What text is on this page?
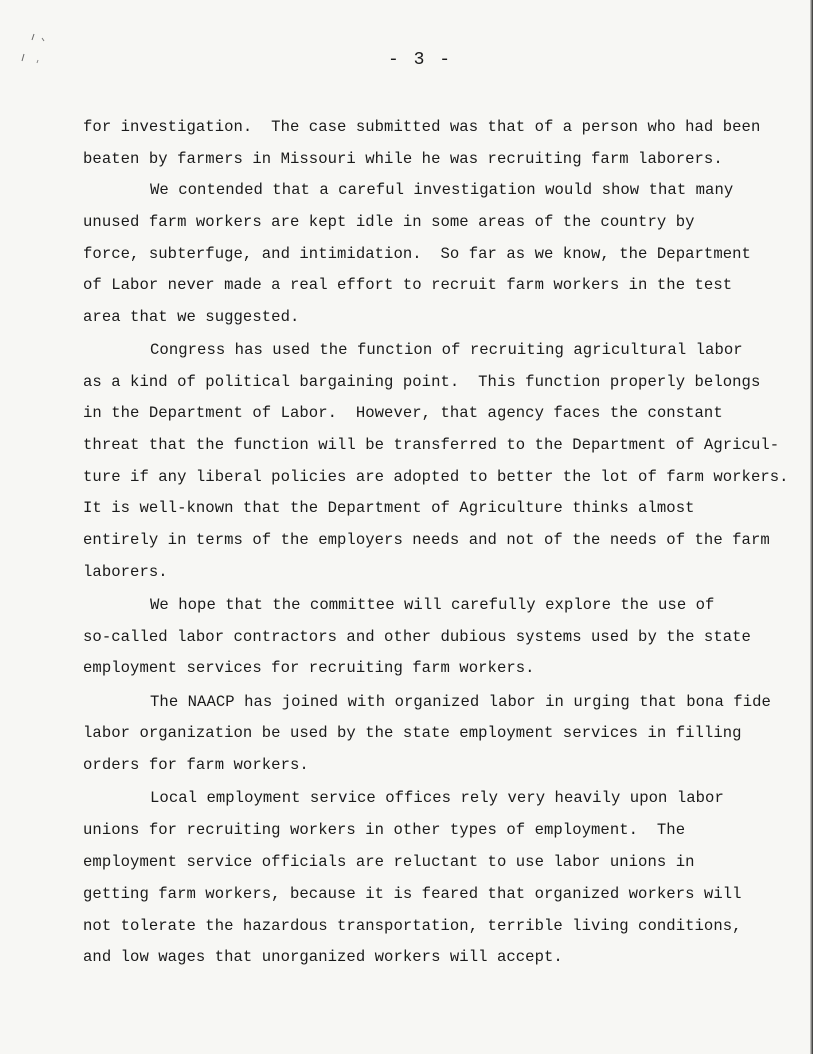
- 3 -
for investigation.  The case submitted was that of a person who had been
beaten by farmers in Missouri while he was recruiting farm laborers.
We contended that a careful investigation would show that many
unused farm workers are kept idle in some areas of the country by
force, subterfuge, and intimidation.  So far as we know, the Department
of Labor never made a real effort to recruit farm workers in the test
area that we suggested.
Congress has used the function of recruiting agricultural labor
as a kind of political bargaining point.  This function properly belongs
in the Department of Labor.  However, that agency faces the constant
threat that the function will be transferred to the Department of Agricul-
ture if any liberal policies are adopted to better the lot of farm workers.
It is well-known that the Department of Agriculture thinks almost
entirely in terms of the employers needs and not of the needs of the farm
laborers.
We hope that the committee will carefully explore the use of
so-called labor contractors and other dubious systems used by the state
employment services for recruiting farm workers.
The NAACP has joined with organized labor in urging that bona fide
labor organization be used by the state employment services in filling
orders for farm workers.
Local employment service offices rely very heavily upon labor
unions for recruiting workers in other types of employment.  The
employment service officials are reluctant to use labor unions in
getting farm workers, because it is feared that organized workers will
not tolerate the hazardous transportation, terrible living conditions,
and low wages that unorganized workers will accept.
